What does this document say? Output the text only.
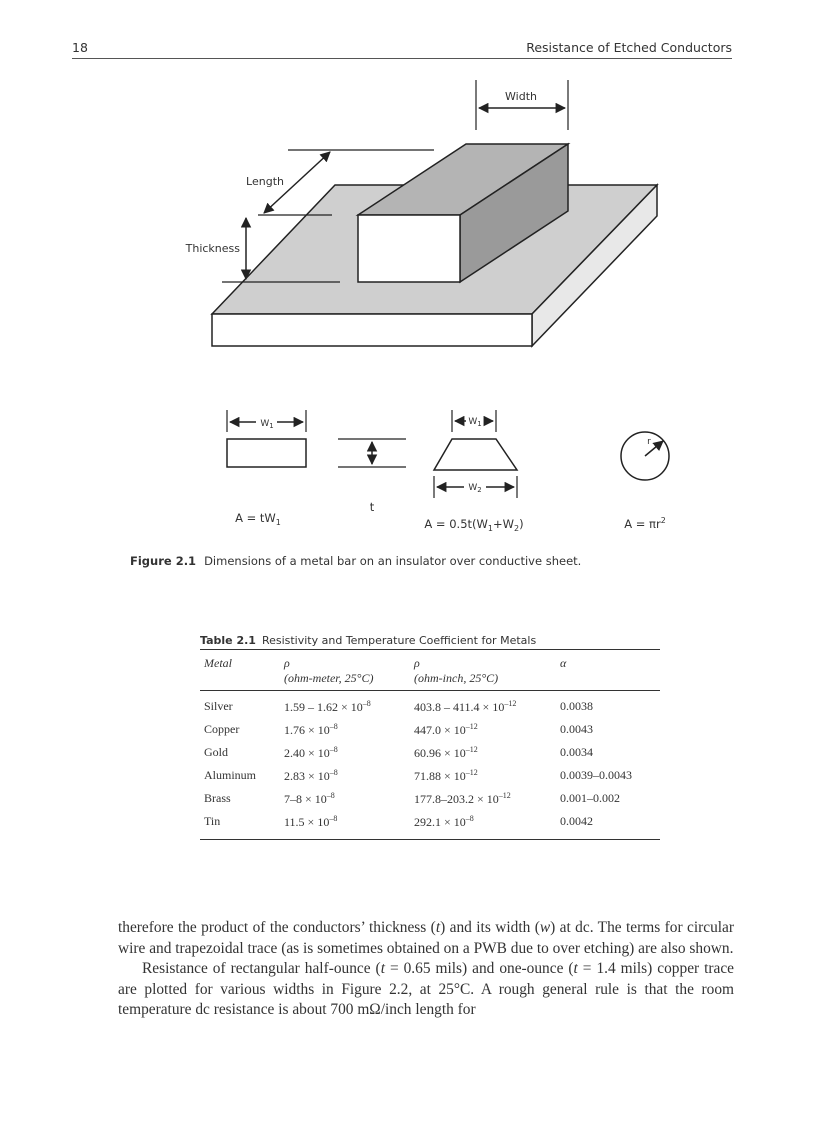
18	Resistance of Etched Conductors
Width
Length
Thickness
$W_1$
$A = tW_1$
t
$W_1$
$W_2$
$A = 0.5t(W_1+W_2)$
r
$A = \pi r^2$
Figure 2.1 Dimensions of a metal bar on an insulator over conductive sheet.
Table 2.1 Resistivity and Temperature Coefficient for Metals
Metal	ρ	ρ	α
	(ohm-meter, 25°C)	(ohm-inch, 25°C)	
Silver	$1.59 - 1.62 \times 10^{-8}$	$403.8 - 411.4 \times 10^{-12}$	0.0038
Copper	$1.76 \times 10^{-8}$	$447.0 \times 10^{-12}$	0.0043
Gold	$2.40 \times 10^{-8}$	$60.96 \times 10^{-12}$	0.0034
Aluminum	$2.83 \times 10^{-8}$	$71.88 \times 10^{-12}$	0.0039–0.0043
Brass	$7-8 \times 10^{-8}$	$177.8-203.2 \times 10^{-12}$	0.001–0.002
Tin	$11.5 \times 10^{-8}$	$292.1 \times 10^{-8}$	0.0042

therefore the product of the conductors’ thickness (t) and its width (w) at dc. The terms for circular wire and trapezoidal trace (as is sometimes obtained on a PWB due to over etching) are also shown.

Resistance of rectangular half-ounce (t = 0.65 mils) and one-ounce (t = 1.4 mils) copper trace are plotted for various widths in Figure 2.2, at 25°C. A rough general rule is that the room temperature dc resistance is about 700 mΩ/inch length for
